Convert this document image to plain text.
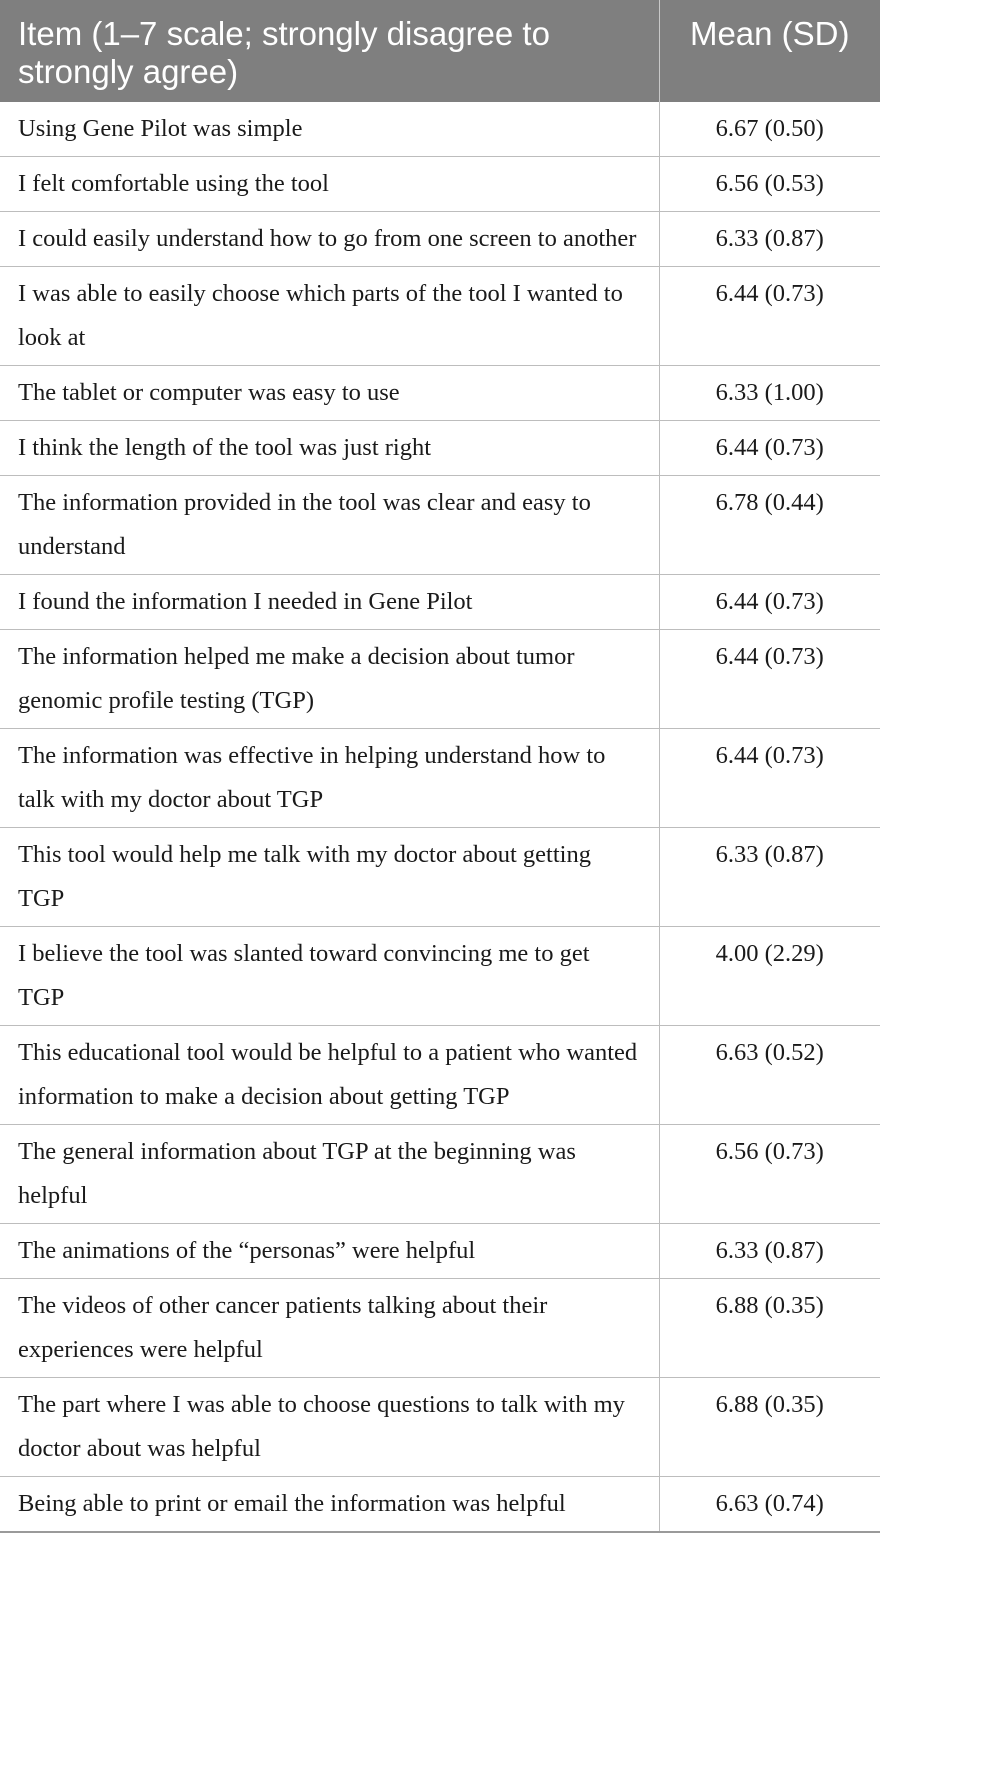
Item (1–7 scale; strongly disagree to strongly agree)	Mean (SD)
Using Gene Pilot was simple	6.67 (0.50)
I felt comfortable using the tool	6.56 (0.53)
I could easily understand how to go from one screen to another	6.33 (0.87)
I was able to easily choose which parts of the tool I wanted to look at	6.44 (0.73)
The tablet or computer was easy to use	6.33 (1.00)
I think the length of the tool was just right	6.44 (0.73)
The information provided in the tool was clear and easy to understand	6.78 (0.44)
I found the information I needed in Gene Pilot	6.44 (0.73)
The information helped me make a decision about tumor genomic profile testing (TGP)	6.44 (0.73)
The information was effective in helping understand how to talk with my doctor about TGP	6.44 (0.73)
This tool would help me talk with my doctor about getting TGP	6.33 (0.87)
I believe the tool was slanted toward convincing me to get TGP	4.00 (2.29)
This educational tool would be helpful to a patient who wanted information to make a decision about getting TGP	6.63 (0.52)
The general information about TGP at the beginning was helpful	6.56 (0.73)
The animations of the “personas” were helpful	6.33 (0.87)
The videos of other cancer patients talking about their experiences were helpful	6.88 (0.35)
The part where I was able to choose questions to talk with my doctor about was helpful	6.88 (0.35)
Being able to print or email the information was helpful	6.63 (0.74)
